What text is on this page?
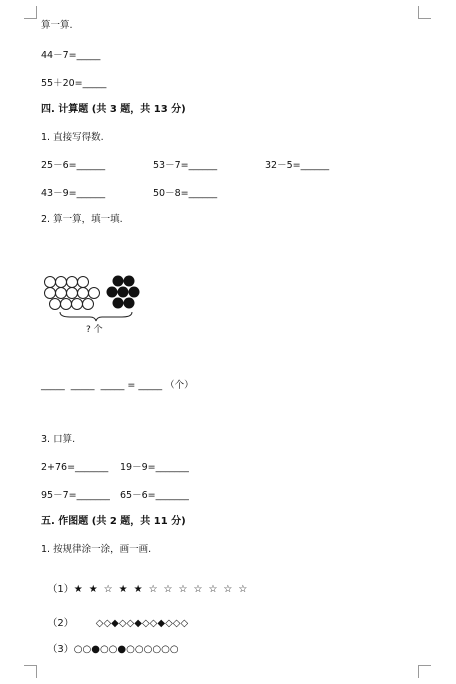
算一算.
44－7=_____
55＋20=_____
四. 计算题 (共 3 题，共 13 分)
1. 直接写得数.
25－6=______	53－7=______	32－5=______
43－9=______	50－8=______
2. 算一算，填一填.
? 个
_____  _____  _____ = _____ （个）
3. 口算.
2+76=_______ 19－9=_______
95－7=_______ 65－6=_______
五. 作图题 (共 2 题，共 11 分)
1. 按规律涂一涂，画一画.

（1）★ ★ ☆ ★ ★ ☆ ☆ ☆ ☆ ☆ ☆ ☆

（2） ◇◇◆◇◇◆◇◇◆◇◇◇

（3）○○●○○●○○○○○○
